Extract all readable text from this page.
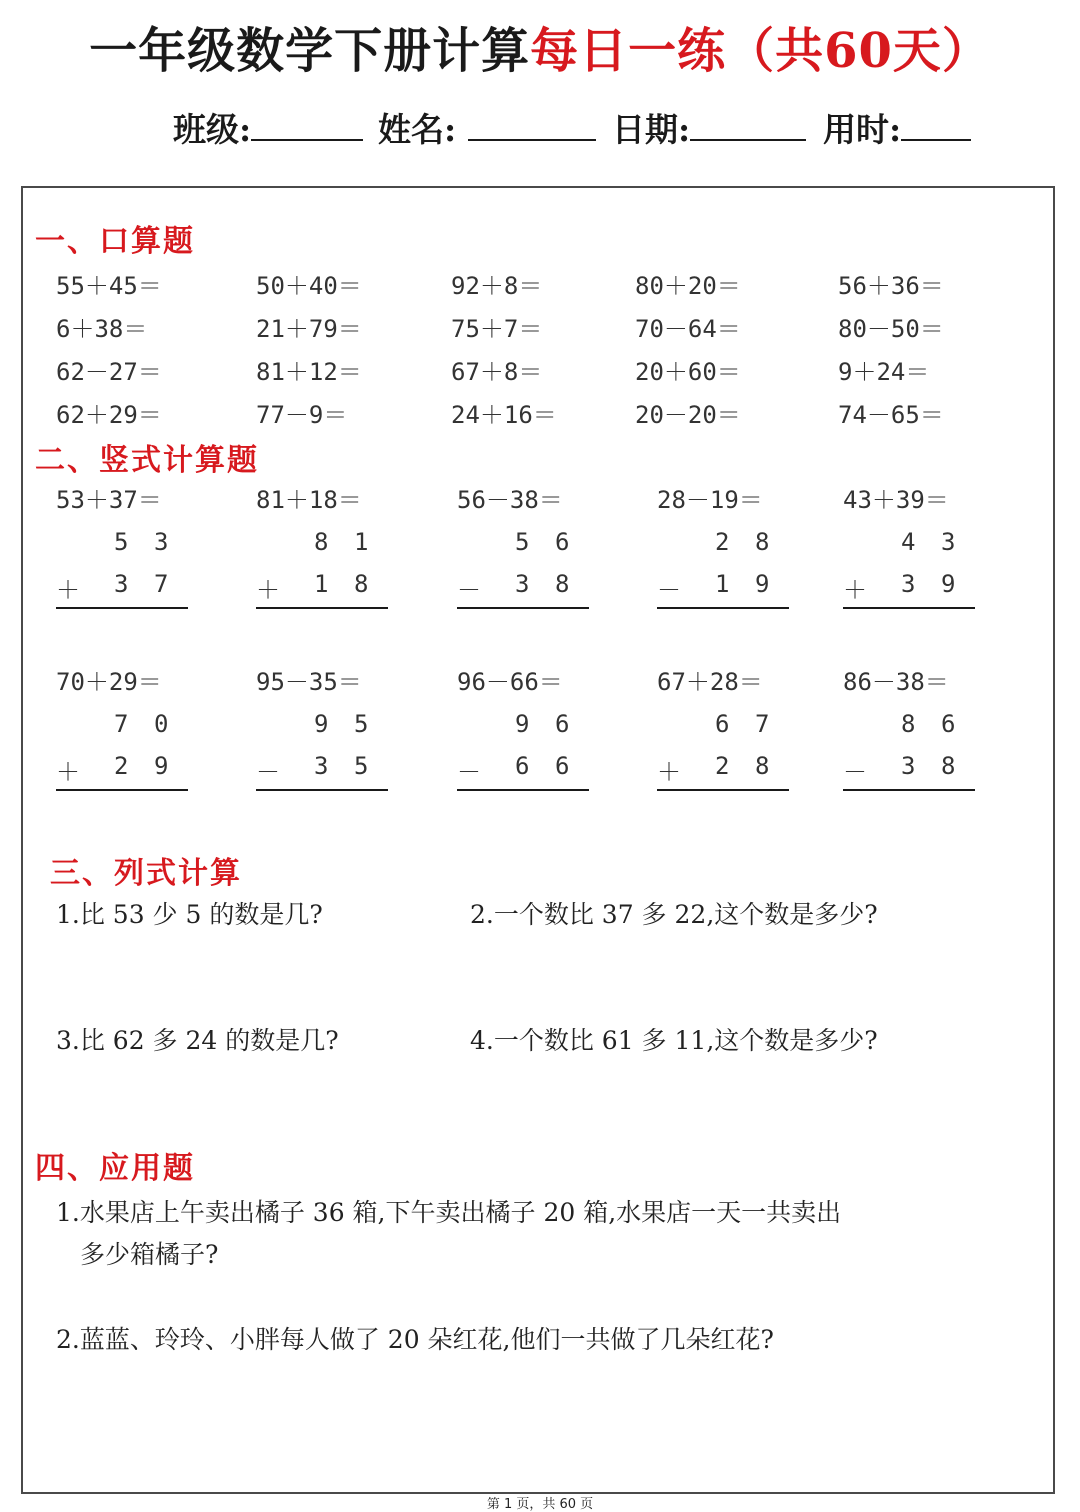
一年级数学下册计算每日一练（共60天）
班级:	姓名:	日期:	用时:
一、口算题
55＋45＝	50＋40＝	92＋8＝	80＋20＝	56＋36＝
6＋38＝	21＋79＝	75＋7＝	70－64＝	80－50＝
62－27＝	81＋12＝	67＋8＝	20＋60＝	9＋24＝
62＋29＝	77－9＝	24＋16＝	20－20＝	74－65＝
二、竖式计算题
53＋37＝
5 3
＋ 3 7
81＋18＝
8 1
＋ 1 8
56－38＝
5 6
－ 3 8
28－19＝
2 8
－ 1 9
43＋39＝
4 3
＋ 3 9
70＋29＝
7 0
＋ 2 9
95－35＝
9 5
－ 3 5
96－66＝
9 6
－ 6 6
67＋28＝
6 7
＋ 2 8
86－38＝
8 6
－ 3 8
三、列式计算
1.比 53 少 5 的数是几?	2.一个数比 37 多 22,这个数是多少?
3.比 62 多 24 的数是几?	4.一个数比 61 多 11,这个数是多少?
四、应用题
1.水果店上午卖出橘子 36 箱,下午卖出橘子 20 箱,水果店一天一共卖出
多少箱橘子?
2.蓝蓝、玲玲、小胖每人做了 20 朵红花,他们一共做了几朵红花?
第 1 页，共 60 页
